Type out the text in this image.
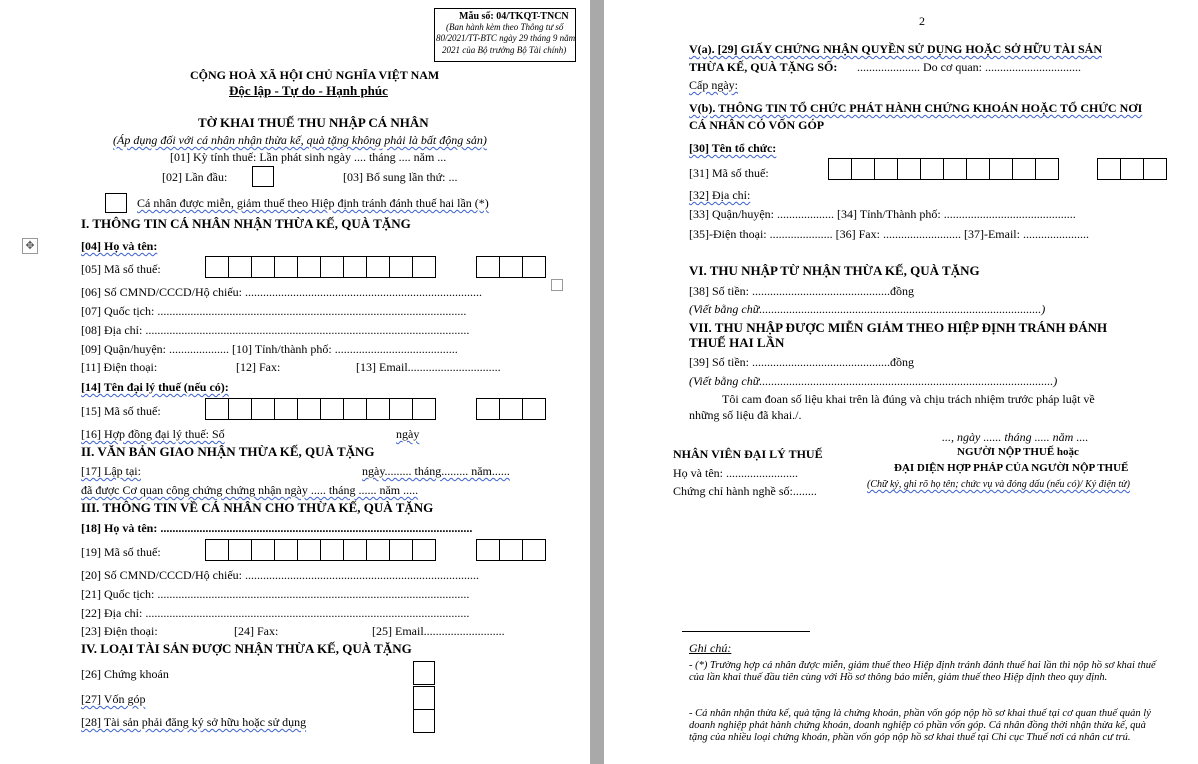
Mẫu số: 04/TKQT-TNCN
(Ban hành kèm theo Thông tư số
80/2021/TT-BTC ngày 29 tháng 9 năm
2021 của Bộ trưởng Bộ Tài chính)
CỘNG HOÀ XÃ HỘI CHỦ NGHĨA VIỆT NAM
Độc lập - Tự do - Hạnh phúc
TỜ KHAI THUẾ THU NHẬP CÁ NHÂN
(Áp dụng đối với cá nhân nhận thừa kế, quà tặng không phải là bất động sản)
[01] Kỳ tính thuế: Lần phát sinh ngày .... tháng .... năm ...
[02] Lần đầu:	[03] Bổ sung lần thứ: ...
Cá nhân được miễn, giảm thuế theo Hiệp định tránh đánh thuế hai lần (*)
✥
I. THÔNG TIN CÁ NHÂN NHẬN THỪA KẾ, QUÀ TẶNG
[04] Họ và tên:
[05] Mã số thuế:
[06] Số CMND/CCCD/Hộ chiếu: ...............................................................................
[07] Quốc tịch: .......................................................................................................
[08] Địa chỉ: ............................................................................................................
[09] Quận/huyện: .................... [10] Tỉnh/thành phố: .........................................
[11] Điện thoại:	[12] Fax:	[13] Email...............................
[14] Tên đại lý thuế (nếu có):
[15] Mã số thuế:
[16] Hợp đồng đại lý thuế: Số	ngày
II. VĂN BẢN GIAO NHẬN THỪA KẾ, QUÀ TẶNG
[17] Lập tại:	ngày......... tháng......... năm......
đã được Cơ quan công chứng chứng nhận ngày ..... tháng ...... năm .....
III. THÔNG TIN VỀ CÁ NHÂN CHO THỪA KẾ, QUÀ TẶNG
[18] Họ và tên: ........................................................................................................
[19] Mã số thuế:
[20] Số CMND/CCCD/Hộ chiếu: ..............................................................................
[21] Quốc tịch: ........................................................................................................
[22] Địa chỉ: ............................................................................................................
[23] Điện thoại:	[24] Fax:	[25] Email...........................
IV. LOẠI TÀI SẢN ĐƯỢC NHẬN THỪA KẾ, QUÀ TẶNG
[26] Chứng khoán
[27] Vốn góp
[28] Tài sản phải đăng ký sở hữu hoặc sử dụng
2
V(a). [29] GIẤY CHỨNG NHẬN QUYỀN SỬ DỤNG HOẶC SỞ HỮU TÀI SẢN
THỪA KẾ, QUÀ TẶNG SỐ: ..................... Do cơ quan: ................................
Cấp ngày:
V(b). THÔNG TIN TỔ CHỨC PHÁT HÀNH CHỨNG KHOÁN HOẶC TỔ CHỨC NƠI
CÁ NHÂN CÓ VỐN GÓP
[30] Tên tổ chức:
[31] Mã số thuế:
[32] Địa chỉ:
[33] Quận/huyện: ................... [34] Tỉnh/Thành phố: ............................................
[35]-Điện thoại: ..................... [36] Fax: .......................... [37]-Email: ......................
VI. THU NHẬP TỪ NHẬN THỪA KẾ, QUÀ TẶNG
[38] Số tiền: ..............................................đồng
(Viết bằng chữ..............................................................................................)
VII. THU NHẬP ĐƯỢC MIỄN GIẢM THEO HIỆP ĐỊNH TRÁNH ĐÁNH
THUẾ HAI LẦN
[39] Số tiền: ..............................................đồng
(Viết bằng chữ..................................................................................................)
Tôi cam đoan số liệu khai trên là đúng và chịu trách nhiệm trước pháp luật về
những số liệu đã khai./.
..., ngày ...... tháng ..... năm ....
NHÂN VIÊN ĐẠI LÝ THUẾ	NGƯỜI NỘP THUẾ hoặc
ĐẠI DIỆN HỢP PHÁP CỦA NGƯỜI NỘP THUẾ
Họ và tên: ........................
Chứng chỉ hành nghề số:........	(Chữ ký, ghi rõ họ tên; chức vụ và đóng dấu (nếu có)/ Ký điện tử)
Ghi chú:
- (*) Trường hợp cá nhân được miễn, giảm thuế theo Hiệp định tránh đánh thuế hai lần thì nộp hồ sơ khai thuế của lần khai thuế đầu tiên cùng với Hồ sơ thông báo miễn, giảm thuế theo Hiệp định theo quy định.
- Cá nhân nhận thừa kế, quà tặng là chứng khoán, phần vốn góp nộp hồ sơ khai thuế tại cơ quan thuế quản lý doanh nghiệp phát hành chứng khoán, doanh nghiệp có phần vốn góp. Cá nhân đồng thời nhận thừa kế, quà tặng của nhiều loại chứng khoán, phần vốn góp nộp hồ sơ khai thuế tại Chi cục Thuế nơi cá nhân cư trú.
